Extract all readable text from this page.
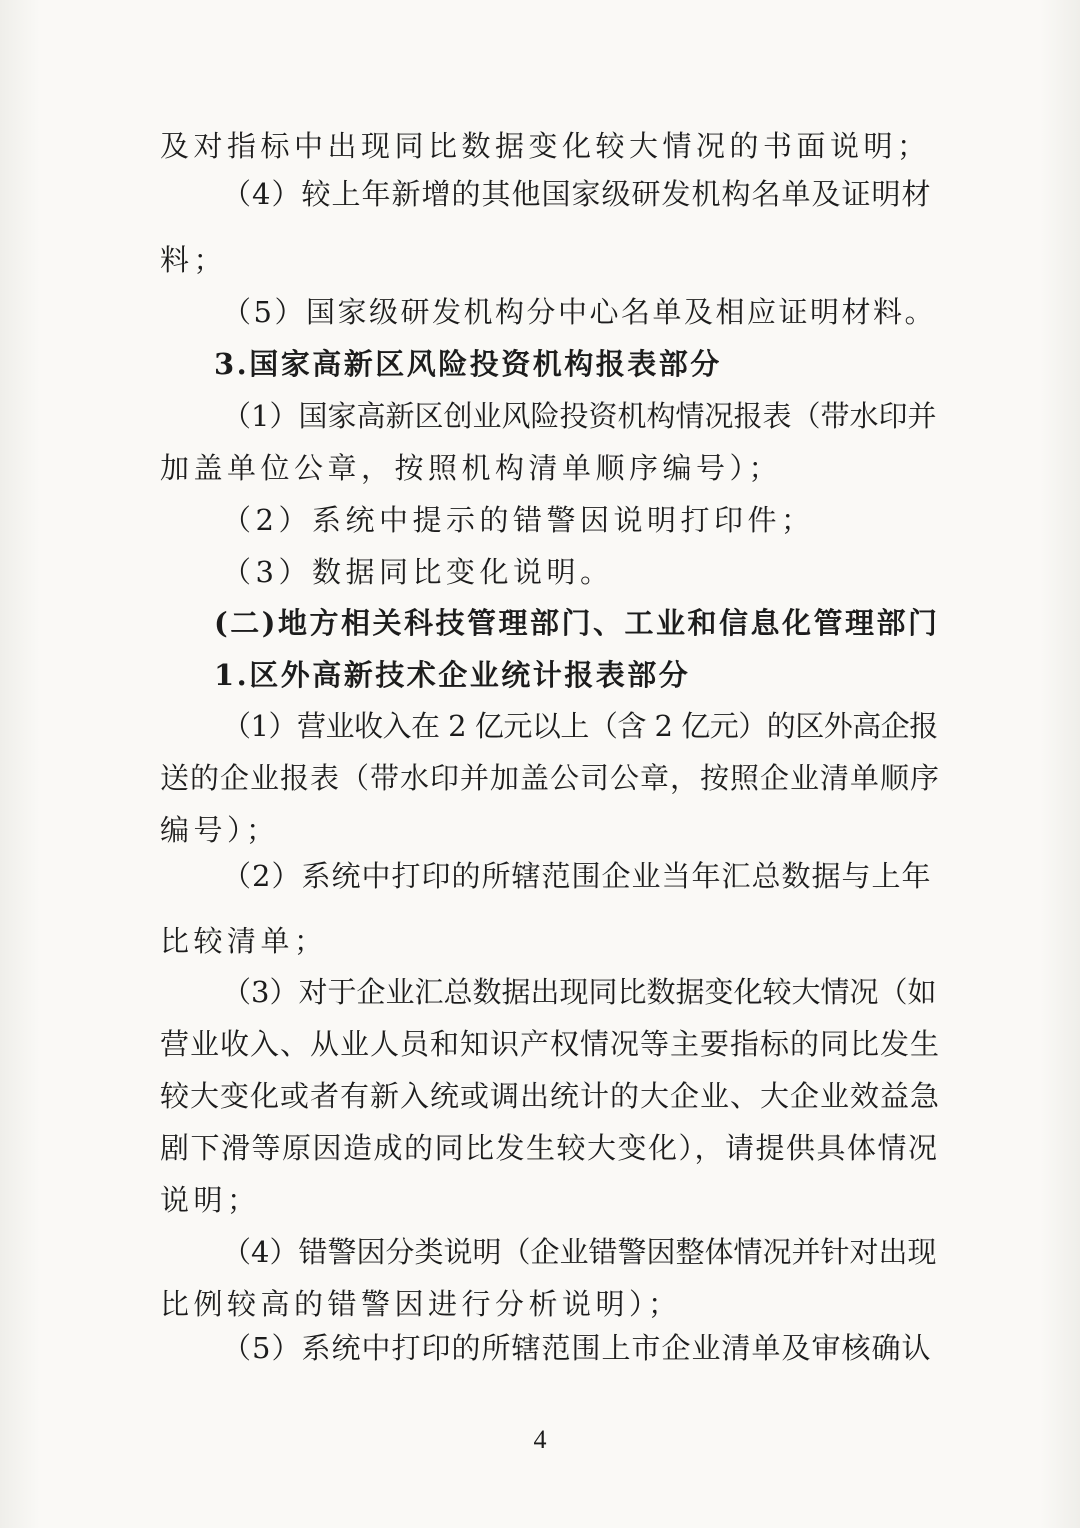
及对指标中出现同比数据变化较大情况的书面说明；
（4）较上年新增的其他国家级研发机构名单及证明材
料；
（5）国家级研发机构分中心名单及相应证明材料。
3.国家高新区风险投资机构报表部分
（1）国家高新区创业风险投资机构情况报表（带水印并
加盖单位公章，按照机构清单顺序编号）；
（2）系统中提示的错警因说明打印件；
（3）数据同比变化说明。
(二)地方相关科技管理部门、工业和信息化管理部门
1.区外高新技术企业统计报表部分
（1）营业收入在 2 亿元以上（含 2 亿元）的区外高企报
送的企业报表（带水印并加盖公司公章，按照企业清单顺序
编号）；
（2）系统中打印的所辖范围企业当年汇总数据与上年
比较清单；
（3）对于企业汇总数据出现同比数据变化较大情况（如
营业收入、从业人员和知识产权情况等主要指标的同比发生
较大变化或者有新入统或调出统计的大企业、大企业效益急
剧下滑等原因造成的同比发生较大变化），请提供具体情况
说明；
（4）错警因分类说明（企业错警因整体情况并针对出现
比例较高的错警因进行分析说明）；
（5）系统中打印的所辖范围上市企业清单及审核确认
4
